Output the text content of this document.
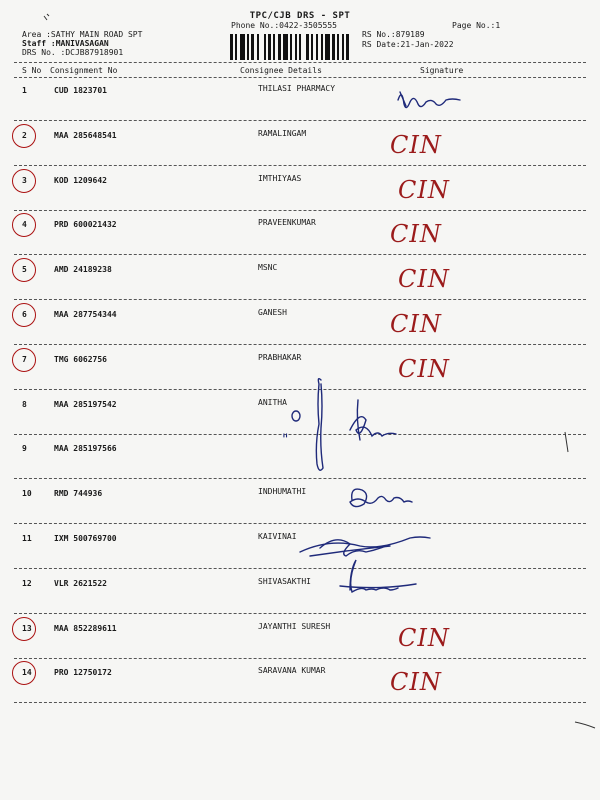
TPC/CJB DRS - SPT
Phone No.:0422-3505555	Page No.:1
Area :SATHY MAIN ROAD SPT
Staff :MANIVASAGAN
DRS No. :DCJB87918901
RS No.:879189
RS Date:21-Jan-2022
S No Consignment No	Consignee Details	Signature
1	CUD 1823701	THILASI PHARMACY
2	MAA 285648541	RAMALINGAM	CIN
3	KOD 1209642	IMTHIYAAS	CIN
4	PRD 600021432	PRAVEENKUMAR	CIN
5	AMD 24189238	MSNC	CIN
6	MAA 287754344	GANESH	CIN
7	TMG 6062756	PRABHAKAR	CIN
8	MAA 285197542	ANITHA
9	MAA 285197566
10	RMD 744936	INDHUMATHI
11	IXM 500769700	KAIVINAI
12	VLR 2621522	SHIVASAKTHI
13	MAA 852289611	JAYANTHI SURESH	CIN
14	PRO 12750172	SARAVANA KUMAR	CIN
"
